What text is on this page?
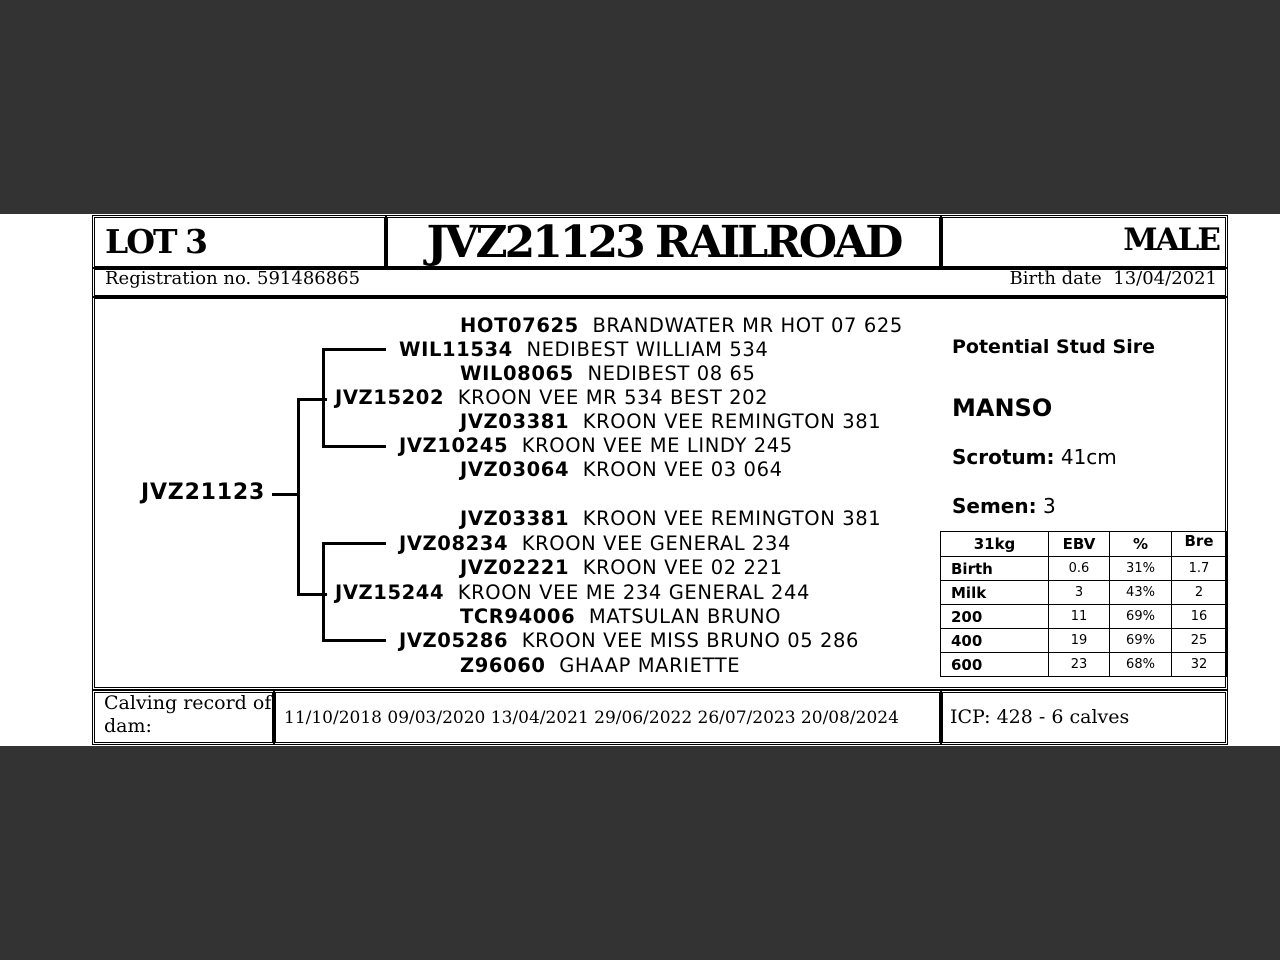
LOT 3	JVZ21123 RAILROAD	MALE
Registration no. 591486865	Birth date 13/04/2021
JVZ21123
HOT07625 BRANDWATER MR HOT 07 625
WIL11534 NEDIBEST WILLIAM 534
WIL08065 NEDIBEST 08 65
JVZ15202 KROON VEE MR 534 BEST 202
JVZ03381 KROON VEE REMINGTON 381
JVZ10245 KROON VEE ME LINDY 245
JVZ03064 KROON VEE 03 064
JVZ03381 KROON VEE REMINGTON 381
JVZ08234 KROON VEE GENERAL 234
JVZ02221 KROON VEE 02 221
JVZ15244 KROON VEE ME 234 GENERAL 244
TCR94006 MATSULAN BRUNO
JVZ05286 KROON VEE MISS BRUNO 05 286
Z96060 GHAAP MARIETTE
Potential Stud Sire
MANSO
Scrotum: 41cm
Semen: 3
31kg	EBV	%	Bre
Birth	0.6	31%	1.7
Milk	3	43%	2
200	11	69%	16
400	19	69%	25
600	23	68%	32
Calving record of dam:	11/10/2018 09/03/2020 13/04/2021 29/06/2022 26/07/2023 20/08/2024	ICP: 428 - 6 calves
